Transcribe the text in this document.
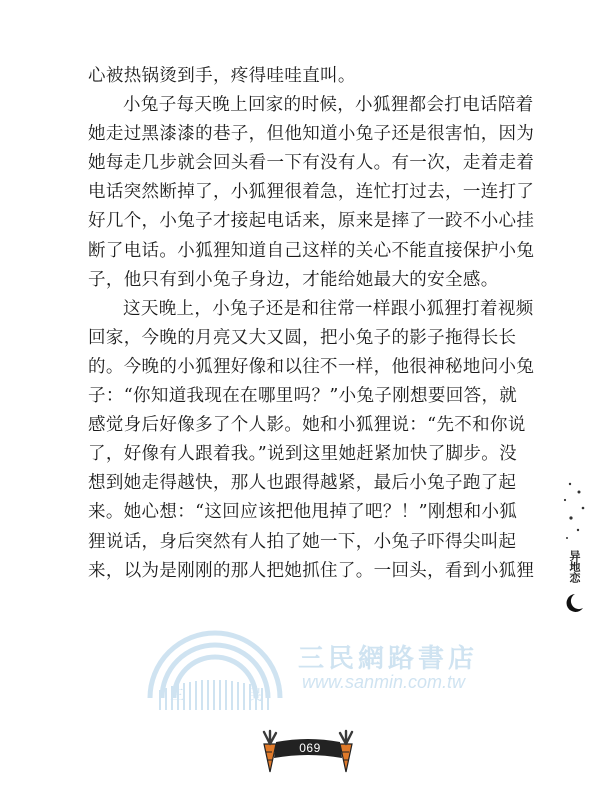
心被热锅烫到手，疼得哇哇直叫。
小兔子每天晚上回家的时候，小狐狸都会打电话陪着
她走过黑漆漆的巷子，但他知道小兔子还是很害怕，因为
她每走几步就会回头看一下有没有人。有一次，走着走着
电话突然断掉了，小狐狸很着急，连忙打过去，一连打了
好几个，小兔子才接起电话来，原来是摔了一跤不小心挂
断了电话。小狐狸知道自己这样的关心不能直接保护小兔
子，他只有到小兔子身边，才能给她最大的安全感。
这天晚上，小兔子还是和往常一样跟小狐狸打着视频
回家，今晚的月亮又大又圆，把小兔子的影子拖得长长
的。今晚的小狐狸好像和以往不一样，他很神秘地问小兔
子：“你知道我现在在哪里吗？”小兔子刚想要回答，就
感觉身后好像多了个人影。她和小狐狸说：“先不和你说
了，好像有人跟着我。”说到这里她赶紧加快了脚步。没
想到她走得越快，那人也跟得越紧，最后小兔子跑了起
来。她心想：“这回应该把他甩掉了吧？！”刚想和小狐
狸说话，身后突然有人拍了她一下，小兔子吓得尖叫起
来，以为是刚刚的那人把她抓住了。一回头，看到小狐狸
三	民
三民網路書店
www.sanmin.com.tw
异地恋
069
